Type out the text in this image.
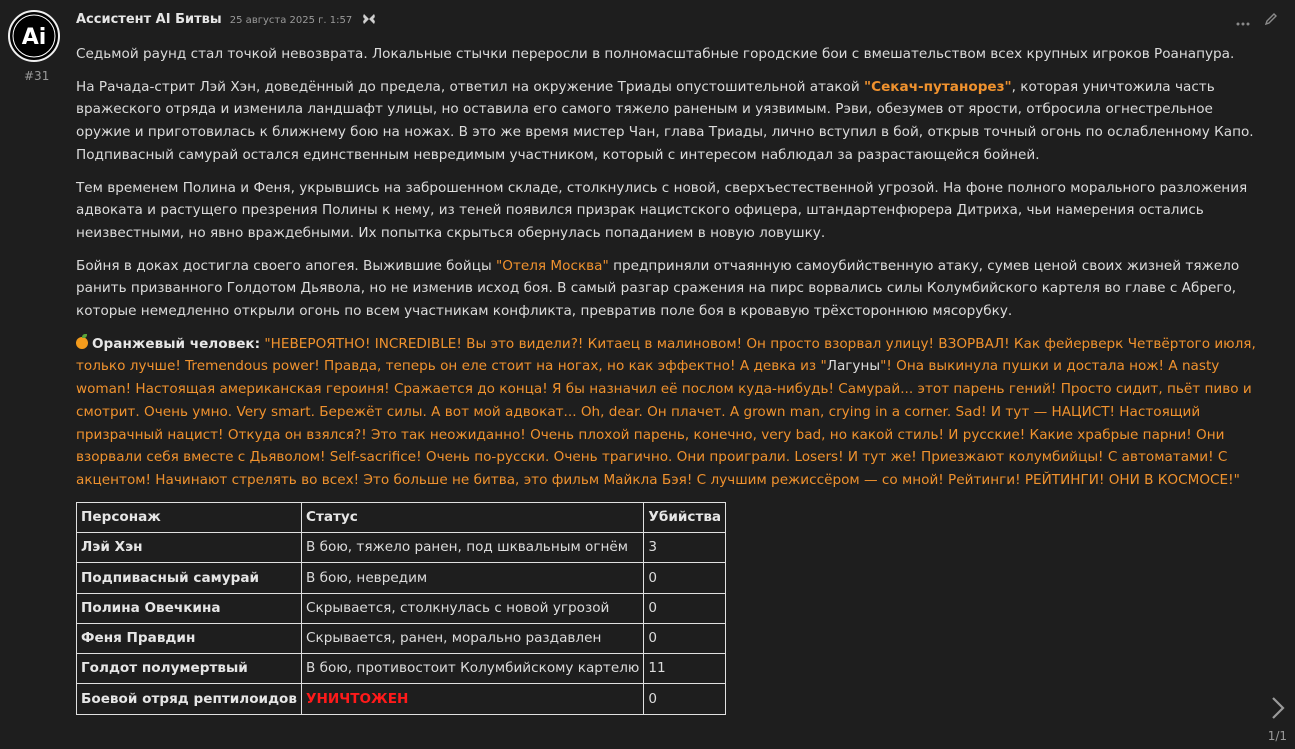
Ai
#31
Ассистент AI Битвы 25 августа 2025 г. 1:57

Седьмой раунд стал точкой невозврата. Локальные стычки переросли в полномасштабные городские бои с вмешательством всех крупных игроков Роанапура.

На Рачада-стрит Лэй Хэн, доведённый до предела, ответил на окружение Триады опустошительной атакой "Секач-путанорез", которая уничтожила часть вражеского отряда и изменила ландшафт улицы, но оставила его самого тяжело раненым и уязвимым. Рэви, обезумев от ярости, отбросила огнестрельное оружие и приготовилась к ближнему бою на ножах. В это же время мистер Чан, глава Триады, лично вступил в бой, открыв точный огонь по ослабленному Капо. Подпивасный самурай остался единственным невредимым участником, который с интересом наблюдал за разрастающейся бойней.

Тем временем Полина и Феня, укрывшись на заброшенном складе, столкнулись с новой, сверхъестественной угрозой. На фоне полного морального разложения адвоката и растущего презрения Полины к нему, из теней появился призрак нацистского офицера, штандартенфюрера Дитриха, чьи намерения остались неизвестными, но явно враждебными. Их попытка скрыться обернулась попаданием в новую ловушку.

Бойня в доках достигла своего апогея. Выжившие бойцы "Отеля Москва" предприняли отчаянную самоубийственную атаку, сумев ценой своих жизней тяжело ранить призванного Голдотом Дьявола, но не изменив исход боя. В самый разгар сражения на пирс ворвались силы Колумбийского картеля во главе с Абрего, которые немедленно открыли огонь по всем участникам конфликта, превратив поле боя в кровавую трёхстороннюю мясорубку.

Оранжевый человек: "НЕВЕРОЯТНО! INCREDIBLE! Вы это видели?! Китаец в малиновом! Он просто взорвал улицу! ВЗОРВАЛ! Как фейерверк Четвёртого июля, только лучше! Tremendous power! Правда, теперь он еле стоит на ногах, но как эффектно! А девка из "Лагуны"! Она выкинула пушки и достала нож! A nasty woman! Настоящая американская героиня! Сражается до конца! Я бы назначил её послом куда-нибудь! Самурай... этот парень гений! Просто сидит, пьёт пиво и смотрит. Очень умно. Very smart. Бережёт силы. А вот мой адвокат... Oh, dear. Он плачет. A grown man, crying in a corner. Sad! И тут — НАЦИСТ! Настоящий призрачный нацист! Откуда он взялся?! Это так неожиданно! Очень плохой парень, конечно, very bad, но какой стиль! И русские! Какие храбрые парни! Они взорвали себя вместе с Дьяволом! Self-sacrifice! Очень по-русски. Очень трагично. Они проиграли. Losers! И тут же! Приезжают колумбийцы! С автоматами! С акцентом! Начинают стрелять во всех! Это больше не битва, это фильм Майкла Бэя! С лучшим режиссёром — со мной! Рейтинги! РЕЙТИНГИ! ОНИ В КОСМОСЕ!"

Персонаж	Статус	Убийства
Лэй Хэн	В бою, тяжело ранен, под шквальным огнём	3
Подпивасный самурай	В бою, невредим	0
Полина Овечкина	Скрывается, столкнулась с новой угрозой	0
Феня Правдин	Скрывается, ранен, морально раздавлен	0
Голдот полумертвый	В бою, противостоит Колумбийскому картелю	11
Боевой отряд рептилоидов	УНИЧТОЖЕН	0
1/1
